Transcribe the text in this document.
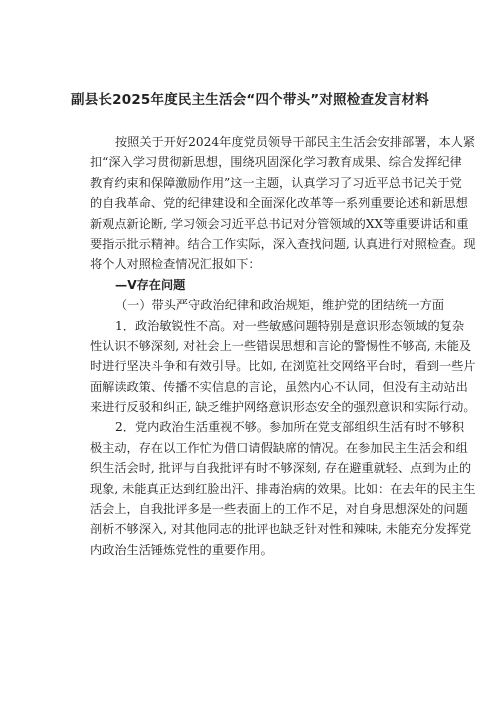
副县长2025年度民主生活会“四个带头”对照检查发言材料
按照关于开好2024年度党员领导干部民主生活会安排部署，本人紧
扣“深入学习贯彻新思想，围绕巩固深化学习教育成果、综合发挥纪律
教育约束和保障激励作用”这一主题，认真学习了习近平总书记关于党
的自我革命、党的纪律建设和全面深化改革等一系列重要论述和新思想
新观点新论断, 学习领会习近平总书记对分管领域的XX等重要讲话和重
要指示批示精神。结合工作实际，深入查找问题, 认真进行对照检查。现
将个人对照检查情况汇报如下：
—V存在问题
（一）带头严守政治纪律和政治规矩，维护党的团结统一方面
1．政治敏锐性不高。对一些敏感问题特别是意识形态领域的复杂
性认识不够深刻, 对社会上一些错误思想和言论的警惕性不够高, 未能及
时进行坚决斗争和有效引导。比如, 在浏览社交网络平台时，看到一些片
面解读政策、传播不实信息的言论，虽然内心不认同，但没有主动站出
来进行反驳和纠正, 缺乏维护网络意识形态安全的强烈意识和实际行动。
2．党内政治生活重视不够。参加所在党支部组织生活有时不够积
极主动，存在以工作忙为借口请假缺席的情况。在参加民主生活会和组
织生活会时, 批评与自我批评有时不够深刻, 存在避重就轻、点到为止的
现象, 未能真正达到红脸出汗、排毒治病的效果。比如：在去年的民主生
活会上，自我批评多是一些表面上的工作不足，对自身思想深处的问题
剖析不够深入, 对其他同志的批评也缺乏针对性和辣味, 未能充分发挥党
内政治生活锤炼党性的重要作用。
